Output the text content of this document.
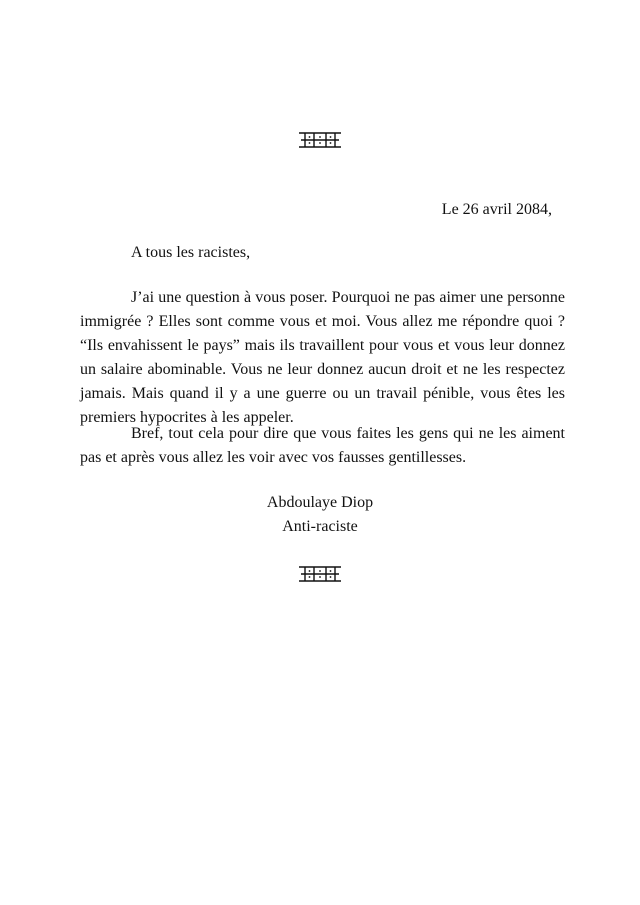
Le 26 avril 2084,
A tous les racistes,

J’ai une question à vous poser. Pourquoi ne pas aimer une personne immigrée ? Elles sont comme vous et moi. Vous allez me répondre quoi ? “Ils envahissent le pays” mais ils travaillent pour vous et vous leur donnez un salaire abominable. Vous ne leur donnez aucun droit et ne les respectez jamais. Mais quand il y a une guerre ou un travail pénible, vous êtes les premiers hypocrites à les appeler.

Bref, tout cela pour dire que vous faites les gens qui ne les aiment pas et après vous allez les voir avec vos fausses gentillesses.

Abdoulaye Diop
Anti-raciste
